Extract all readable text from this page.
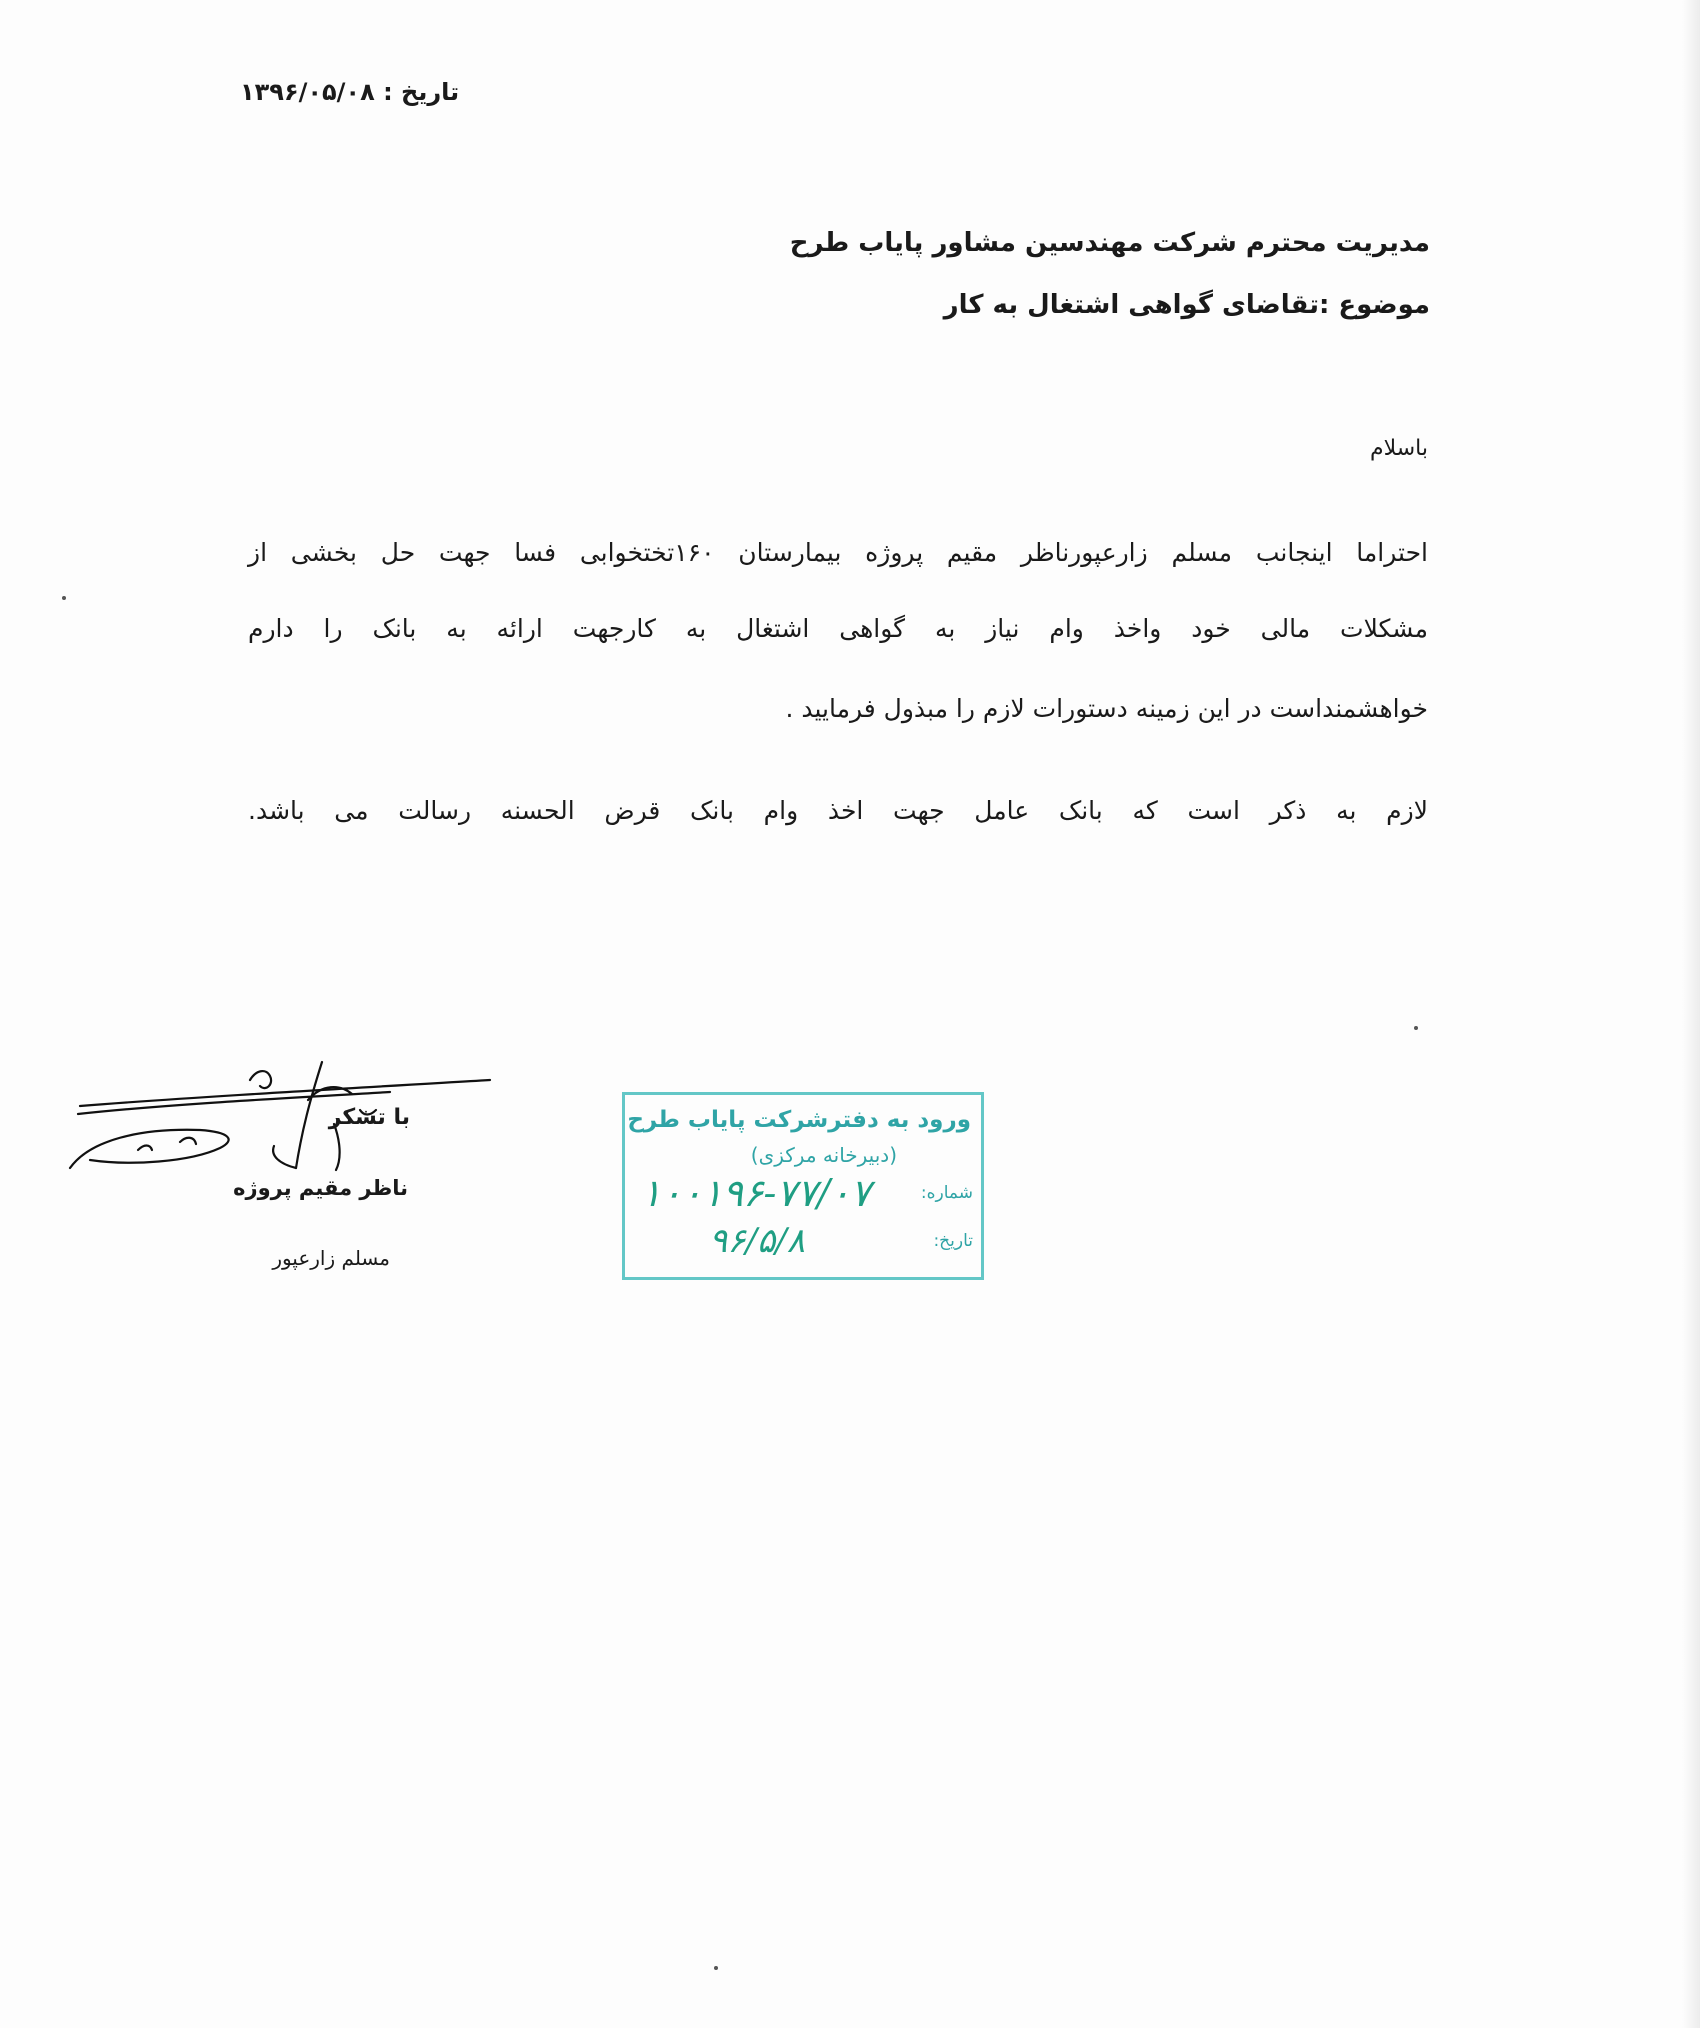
تاریخ : ۱۳۹۶/۰۵/۰۸
مدیریت محترم شرکت مهندسین مشاور پایاب طرح
موضوع :تقاضای گواهی اشتغال به کار
باسلام
احتراما اینجانب مسلم زارعپورناظر مقیم پروژه بیمارستان ۱۶۰تختخوابی فسا جهت حل بخشی از
مشکلات مالی خود واخذ وام نیاز به گواهی اشتغال به کارجهت ارائه به بانک را دارم
خواهشمنداست در این زمینه دستورات لازم را مبذول فرمایید .
لازم به ذکر است که بانک عامل جهت اخذ وام بانک قرض الحسنه رسالت می باشد.
با تشکر
ناظر مقیم پروژه
مسلم زارعپور
ورود به دفترشرکت پایاب طرح
(دبیرخانه مرکزی)
شماره:
۱۰۰۱۹۶-۷۷/۰۷
تاریخ:
۹۶/۵/۸
